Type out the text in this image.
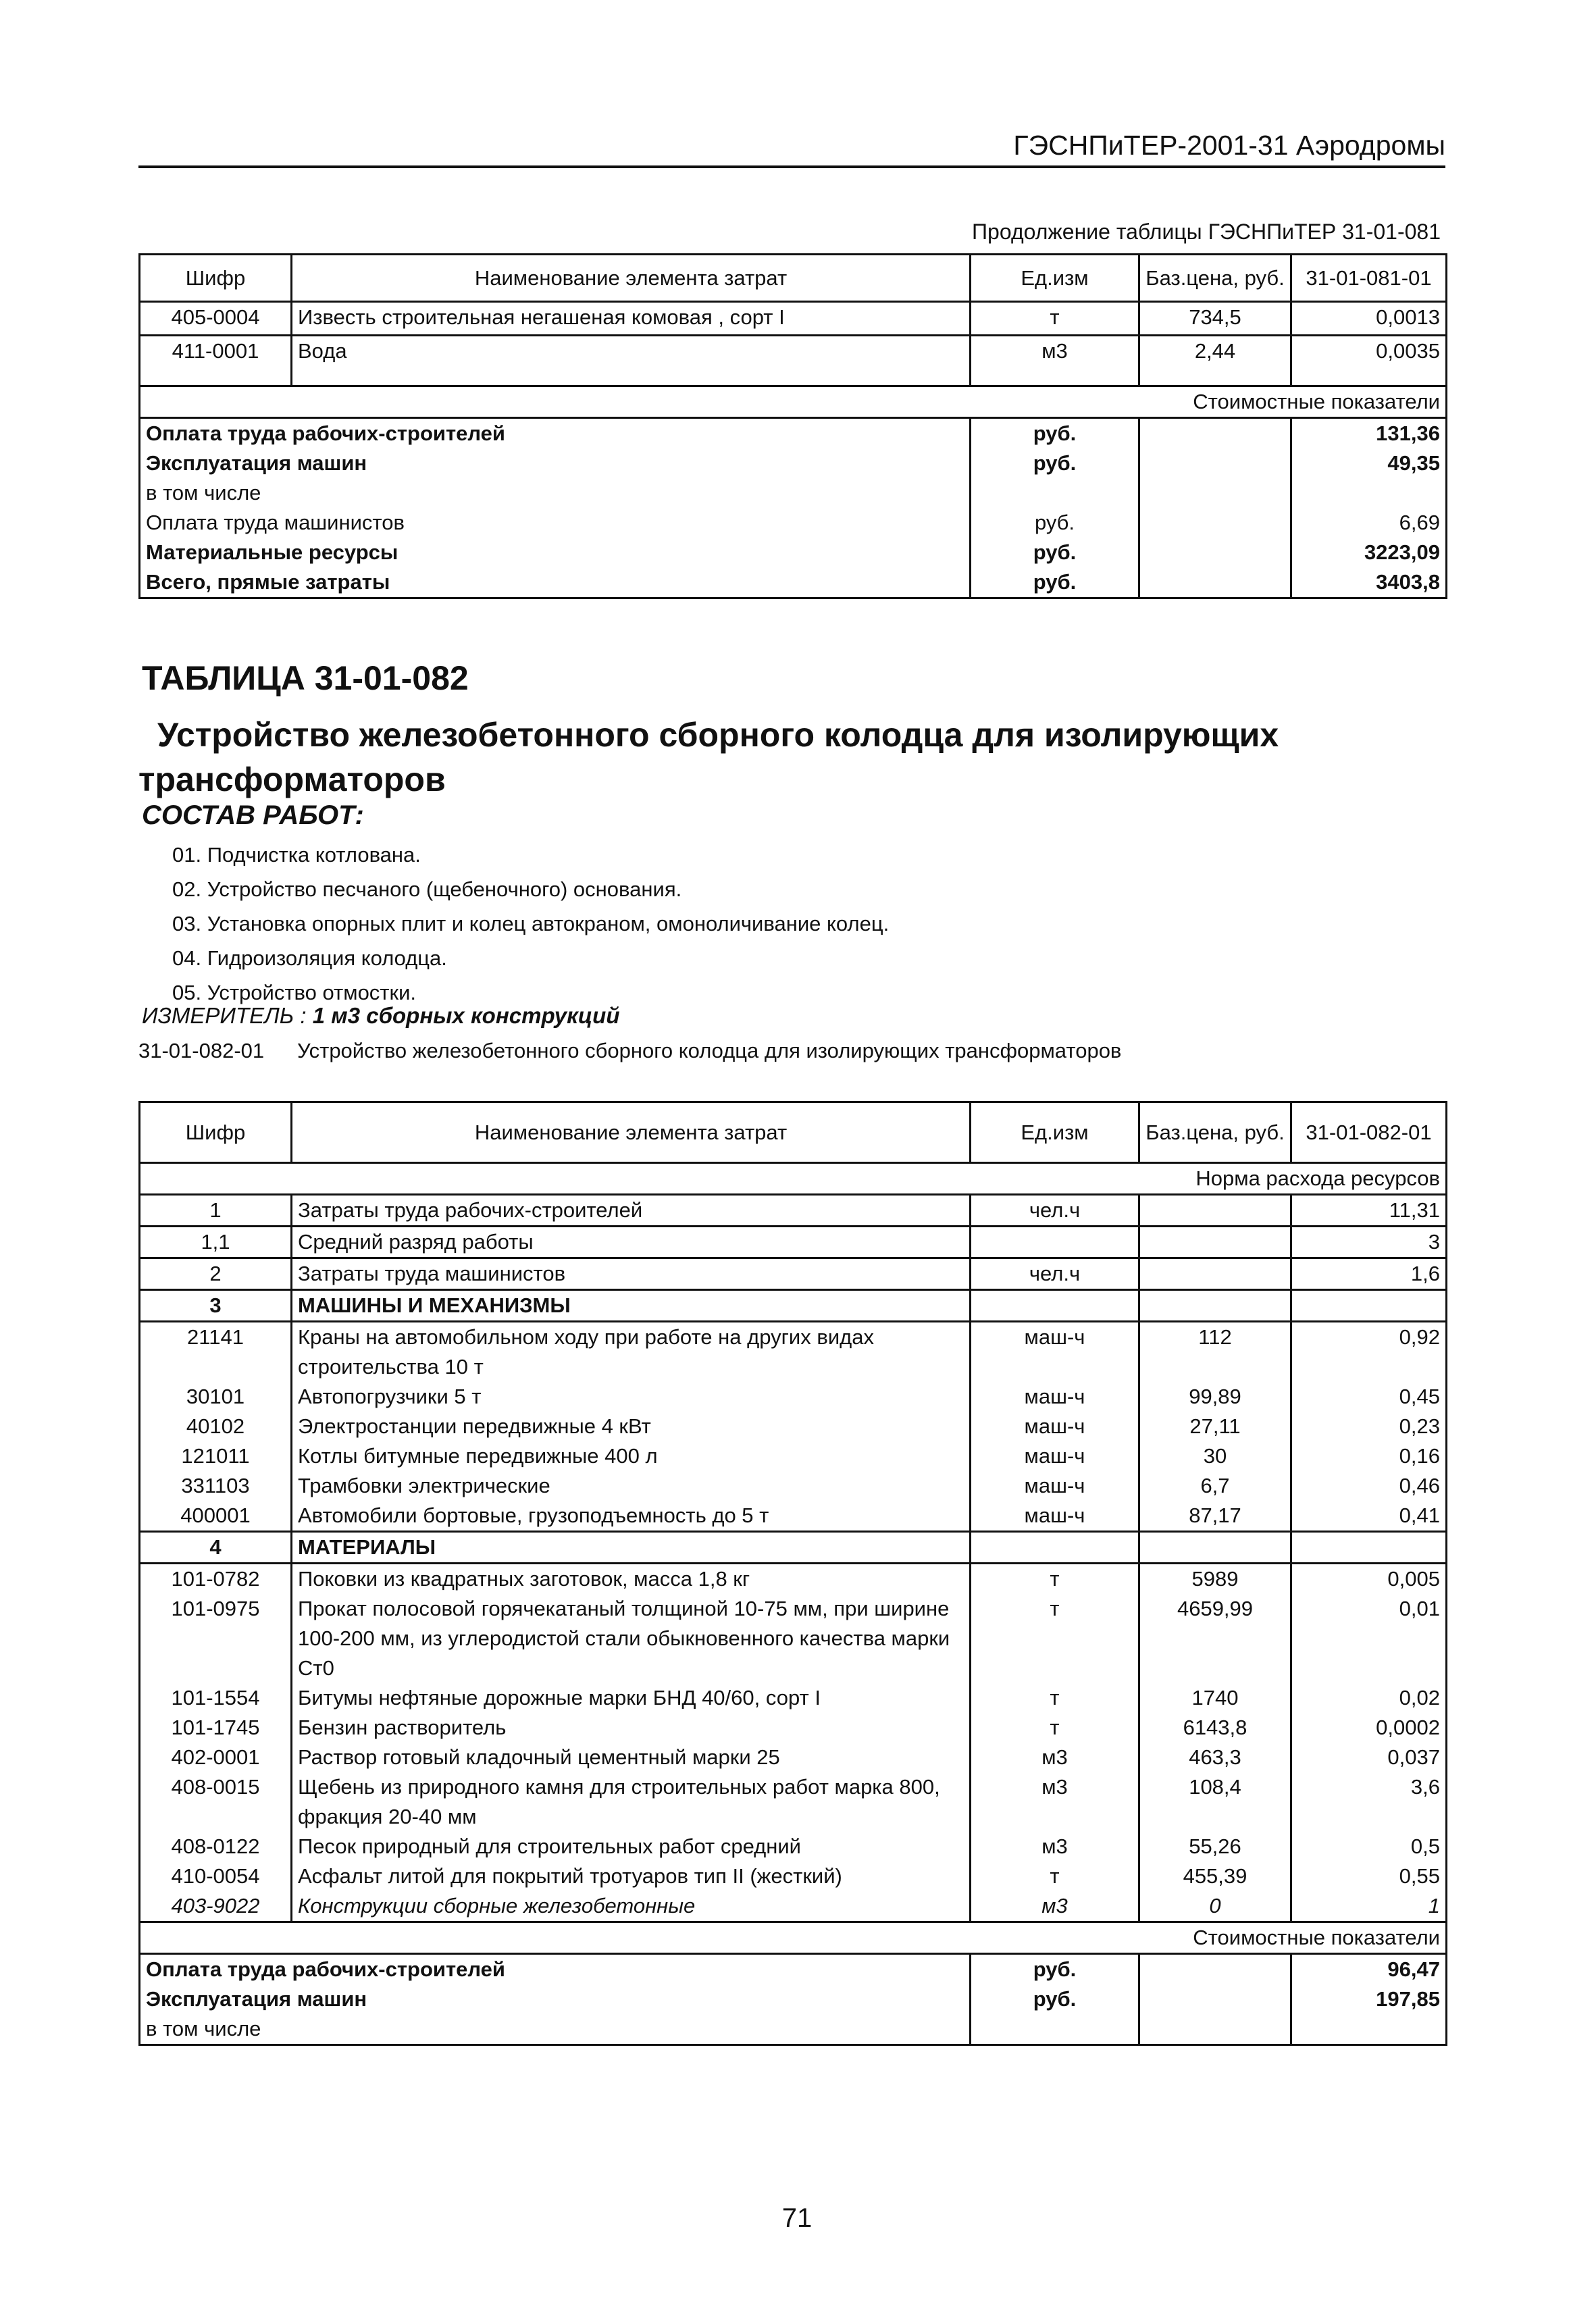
ГЭСНПиТЕР-2001-31 Аэродромы
Продолжение таблицы ГЭСНПиТЕР 31-01-081
Шифр	Наименование элемента затрат	Ед.изм	Баз.цена, руб.	31-01-081-01
405-0004	Известь строительная негашеная комовая , сорт I	т	734,5	0,0013
411-0001	Вода	м3	2,44	0,0035
Стоимостные показатели				
Оплата труда рабочих-строителей		руб.		131,36
Эксплуатация машин		руб.		49,35
в том числе				
Оплата труда машинистов		руб.		6,69
Материальные ресурсы		руб.		3223,09
Всего, прямые затраты		руб.		3403,8
ТАБЛИЦА 31-01-082
Устройство железобетонного сборного колодца для изолирующих трансформаторов
СОСТАВ РАБОТ:
01. Подчистка котлована.
02. Устройство песчаного (щебеночного) основания.
03. Установка опорных плит и колец автокраном, омоноличивание колец.
04. Гидроизоляция колодца.
05. Устройство отмостки.
ИЗМЕРИТЕЛЬ : 1 м3 сборных конструкций
31-01-082-01 Устройство железобетонного сборного колодца для изолирующих трансформаторов
Шифр	Наименование элемента затрат	Ед.изм	Баз.цена, руб.	31-01-082-01
Норма расхода ресурсов				
1	Затраты труда рабочих-строителей	чел.ч		11,31
1,1	Средний разряд работы			3
2	Затраты труда машинистов	чел.ч		1,6
3	МАШИНЫ И МЕХАНИЗМЫ			
21141	Краны на автомобильном ходу при работе на других видах строительства 10 т	маш-ч	112	0,92
30101	Автопогрузчики 5 т	маш-ч	99,89	0,45
40102	Электростанции передвижные 4 кВт	маш-ч	27,11	0,23
121011	Котлы битумные передвижные 400 л	маш-ч	30	0,16
331103	Трамбовки электрические	маш-ч	6,7	0,46
400001	Автомобили бортовые, грузоподъемность до 5 т	маш-ч	87,17	0,41
4	МАТЕРИАЛЫ			
101-0782	Поковки из квадратных заготовок, масса 1,8 кг	т	5989	0,005
101-0975	Прокат полосовой горячекатаный толщиной 10-75 мм, при ширине 100-200 мм, из углеродистой стали обыкновенного качества марки Ст0	т	4659,99	0,01
101-1554	Битумы нефтяные дорожные марки БНД 40/60, сорт I	т	1740	0,02
101-1745	Бензин растворитель	т	6143,8	0,0002
402-0001	Раствор готовый кладочный цементный марки 25	м3	463,3	0,037
408-0015	Щебень из природного камня для строительных работ марка 800, фракция 20-40 мм	м3	108,4	3,6
408-0122	Песок природный для строительных работ средний	м3	55,26	0,5
410-0054	Асфальт литой для покрытий тротуаров тип II (жесткий)	т	455,39	0,55
403-9022	Конструкции сборные железобетонные	м3	0	1
Стоимостные показатели				
Оплата труда рабочих-строителей		руб.		96,47
Эксплуатация машин		руб.		197,85
в том числе				
71
